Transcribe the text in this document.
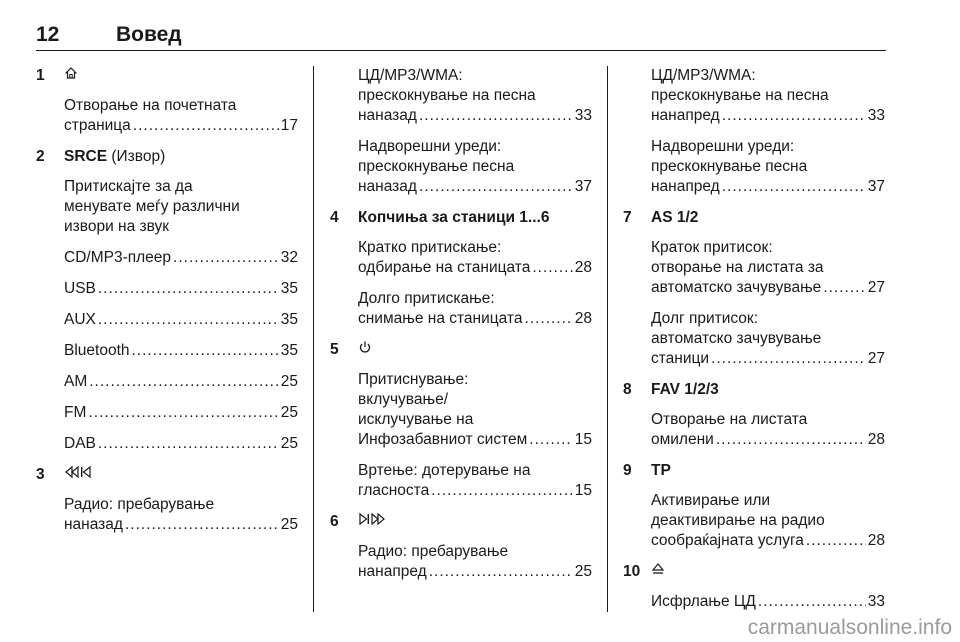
12	Вовед
1
Отворање на почетната
страница .....	17
2 SRCE (Извор)
Притискајте за да
менувате меѓу различни
извори на звук
CD/MP3-плеер .....	32
USB .....	35
AUX .....	35
Bluetooth .....	35
AM .....	25
FM .....	25
DAB .....	25
3
Радио: пребарување
наназад .....	25
ЦД/MP3/WMA:
прескокнување на песна
наназад .....	33
Надворешни уреди:
прескокнување песна
наназад .....	37
4 Копчиња за станици 1...6
Кратко притискање:
одбирање на станицата .....	28
Долго притискање:
снимање на станицата .....	28
5
Притиснување:
вклучување/
исклучување на
Инфозабавниот систем .....	15
Вртење: дотерување на
гласноста .....	15
6
Радио: пребарување
нанапред .....	25
ЦД/MP3/WMA:
прескокнување на песна
нанапред .....	33
Надворешни уреди:
прескокнување песна
нанапред .....	37
7 AS 1/2
Краток притисок:
отворање на листата за
автоматско зачувување .....	27
Долг притисок:
автоматско зачувување
станици .....	27
8 FAV 1/2/3
Отворање на листата
омилени .....	28
9 TP
Активирање или
деактивирање на радио
сообраќајната услуга .....	28
10
Исфрлање ЦД .....	33
carmanualsonline.info
